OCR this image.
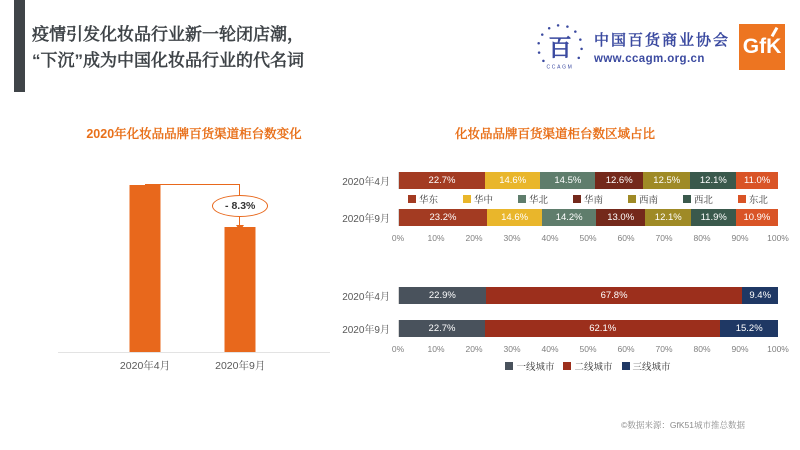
疫情引发化妆品行业新一轮闭店潮，
“下沉”成为中国化妆品行业的代名词	百
CCAGM
中国百货商业协会
www.ccagm.org.cn
GfK
2020年化妆品品牌百货渠道柜台数变化
- 8.3%
2020年4月	2020年9月
化妆品品牌百货渠道柜台数区域占比
2020年4月	22.7%	14.6%	14.5%	12.6% 12.5% 12.1% 11.0%
华东	华中	华北	华南	西南	西北	东北
2020年9月	23.2%	14.6%	14.2%	13.0% 12.1% 11.9% 10.9%
0%	10% 20% 30% 40% 50% 60% 70% 80% 90% 100%
2020年4月	22.9%	67.8%	9.4%
2020年9月	22.7%	62.1%	15.2%
0%	10% 20% 30% 40% 50% 60% 70% 80% 90% 100%
一线城市 二线城市 三线城市
©数据来源：GfK51城市推总数据
